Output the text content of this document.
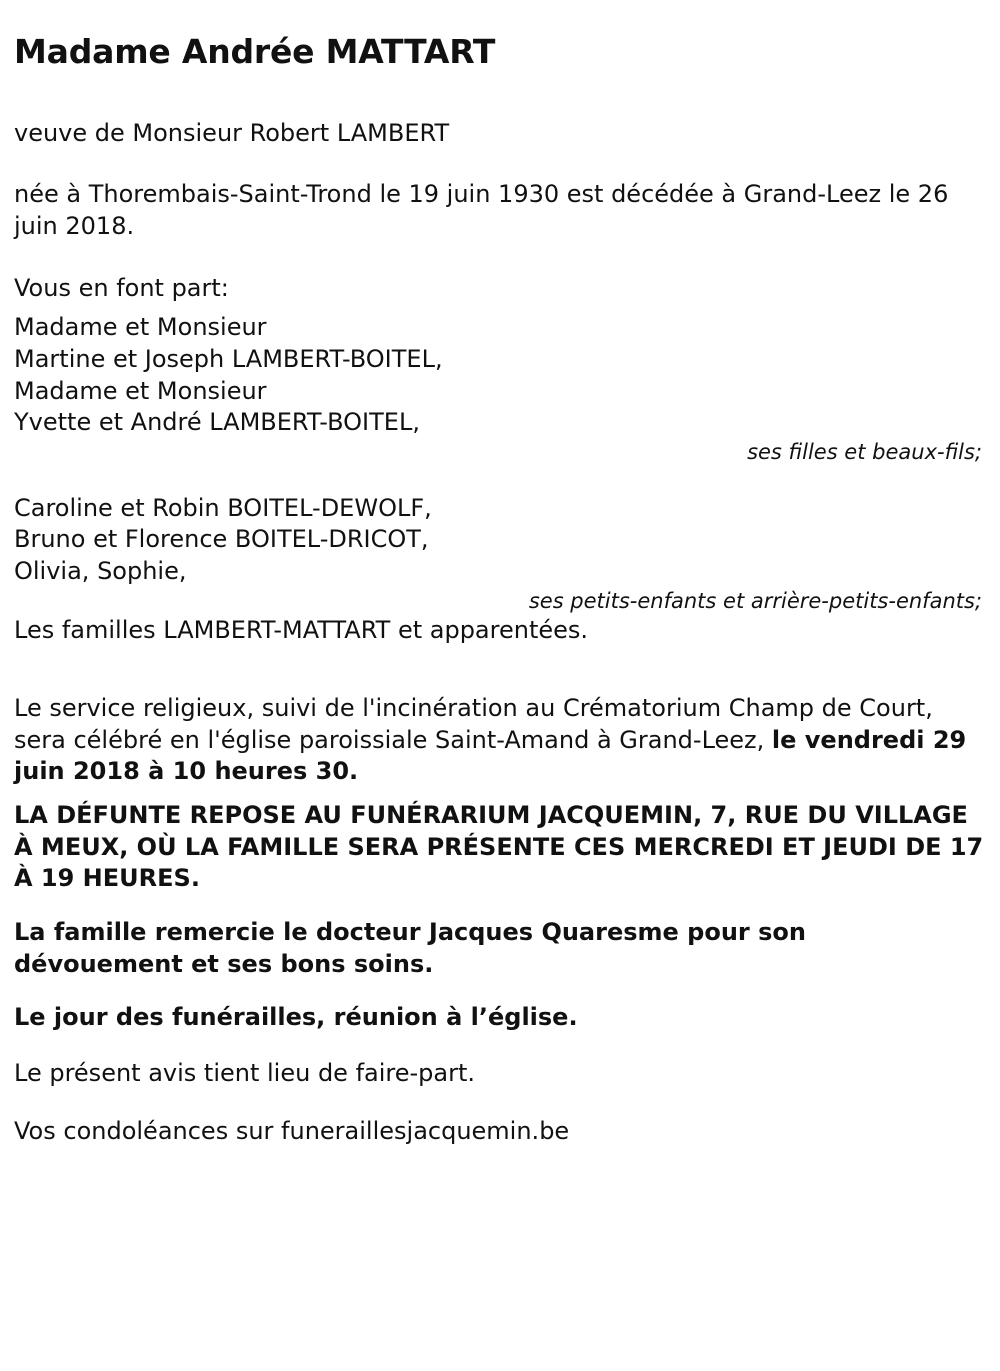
Madame Andrée MATTART

veuve de Monsieur Robert LAMBERT

née à Thorembais-Saint-Trond le 19 juin 1930 est décédée à Grand-Leez le 26 juin 2018.

Vous en font part:

Madame et Monsieur
Martine et Joseph LAMBERT-BOITEL,
Madame et Monsieur
Yvette et André LAMBERT-BOITEL,

ses filles et beaux-fils;

Caroline et Robin BOITEL-DEWOLF,
Bruno et Florence BOITEL-DRICOT,
Olivia, Sophie,

ses petits-enfants et arrière-petits-enfants;

Les familles LAMBERT-MATTART et apparentées.

Le service religieux, suivi de l'incinération au Crématorium Champ de Court, sera célébré en l'église paroissiale Saint-Amand à Grand-Leez, le vendredi 29 juin 2018 à 10 heures 30.

LA DÉFUNTE REPOSE AU FUNÉRARIUM JACQUEMIN, 7, RUE DU VILLAGE À MEUX, OÙ LA FAMILLE SERA PRÉSENTE CES MERCREDI ET JEUDI DE 17 À 19 HEURES.

La famille remercie le docteur Jacques Quaresme pour son dévouement et ses bons soins.

Le jour des funérailles, réunion à l’église.

Le présent avis tient lieu de faire-part.

Vos condoléances sur funeraillesjacquemin.be
